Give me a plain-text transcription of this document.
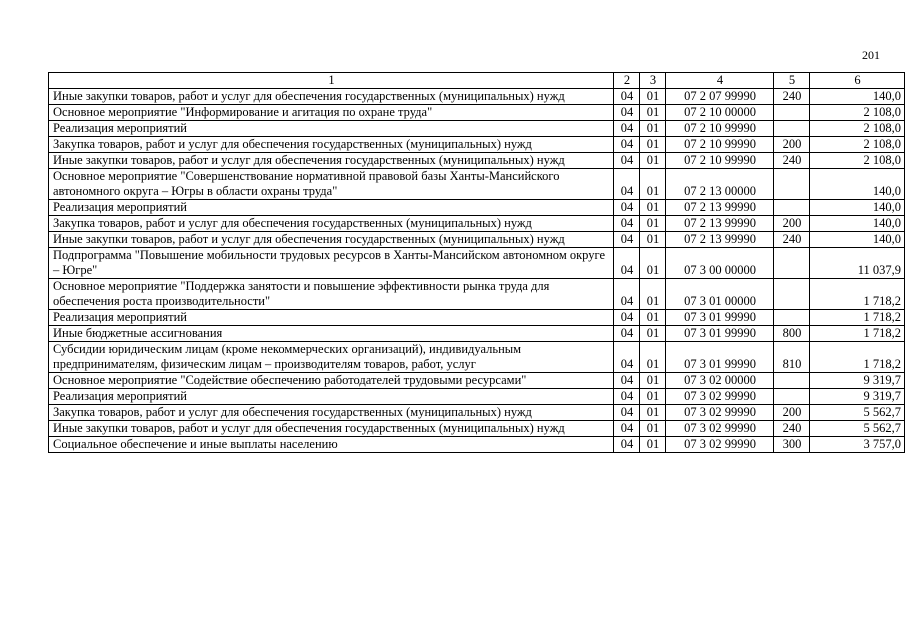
201
1	2	3	4	5	6
Иные закупки товаров, работ и услуг для обеспечения государственных (муниципальных) нужд	04	01	07 2 07 99990	240	140,0
Основное мероприятие "Информирование и агитация по охране труда"	04	01	07 2 10 00000		2 108,0
Реализация мероприятий	04	01	07 2 10 99990		2 108,0
Закупка товаров, работ и услуг для обеспечения государственных (муниципальных) нужд	04	01	07 2 10 99990	200	2 108,0
Иные закупки товаров, работ и услуг для обеспечения государственных (муниципальных) нужд	04	01	07 2 10 99990	240	2 108,0
Основное мероприятие "Совершенствование нормативной правовой базы Ханты-Мансийского автономного округа – Югры в области охраны труда"	04	01	07 2 13 00000		140,0
Реализация мероприятий	04	01	07 2 13 99990		140,0
Закупка товаров, работ и услуг для обеспечения государственных (муниципальных) нужд	04	01	07 2 13 99990	200	140,0
Иные закупки товаров, работ и услуг для обеспечения государственных (муниципальных) нужд	04	01	07 2 13 99990	240	140,0
Подпрограмма "Повышение мобильности трудовых ресурсов в Ханты-Мансийском автономном округе – Югре"	04	01	07 3 00 00000		11 037,9
Основное мероприятие "Поддержка занятости и повышение эффективности рынка труда для обеспечения роста производительности"	04	01	07 3 01 00000		1 718,2
Реализация мероприятий	04	01	07 3 01 99990		1 718,2
Иные бюджетные ассигнования	04	01	07 3 01 99990	800	1 718,2
Субсидии юридическим лицам (кроме некоммерческих организаций), индивидуальным предпринимателям, физическим лицам – производителям товаров, работ, услуг	04	01	07 3 01 99990	810	1 718,2
Основное мероприятие "Содействие обеспечению работодателей трудовыми ресурсами"	04	01	07 3 02 00000		9 319,7
Реализация мероприятий	04	01	07 3 02 99990		9 319,7
Закупка товаров, работ и услуг для обеспечения государственных (муниципальных) нужд	04	01	07 3 02 99990	200	5 562,7
Иные закупки товаров, работ и услуг для обеспечения государственных (муниципальных) нужд	04	01	07 3 02 99990	240	5 562,7
Социальное обеспечение и иные выплаты населению	04	01	07 3 02 99990	300	3 757,0
